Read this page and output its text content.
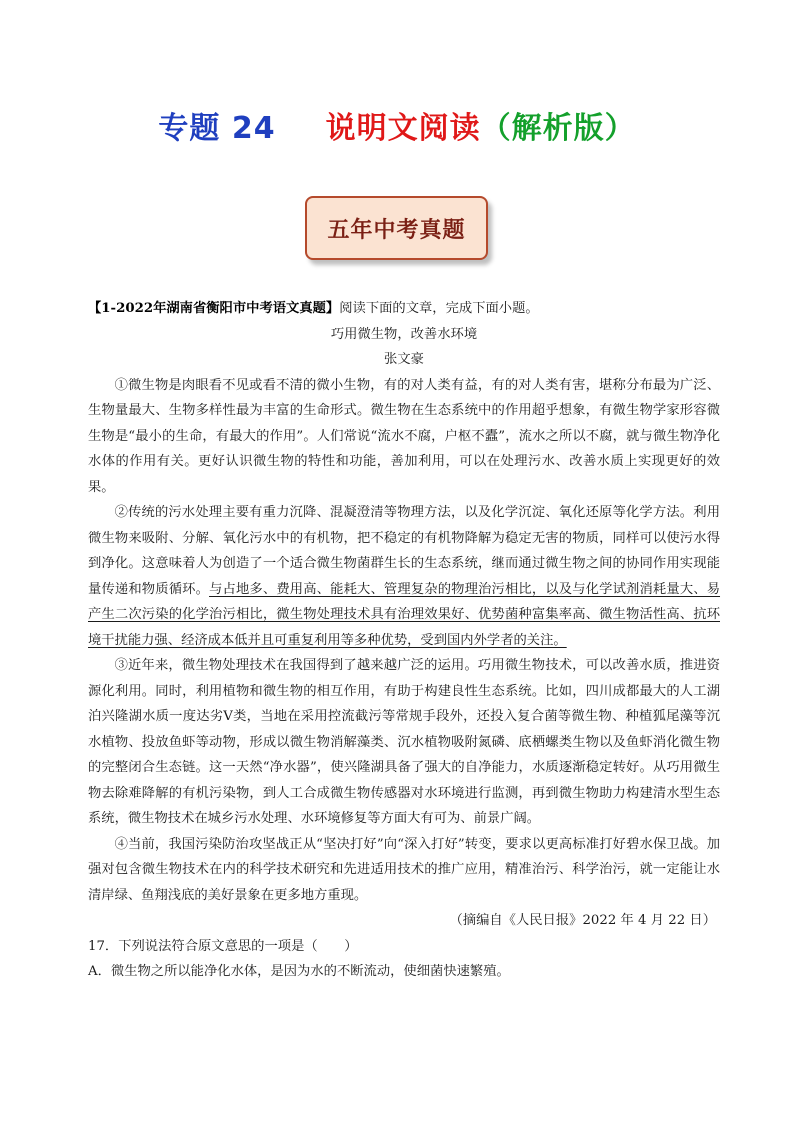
专题 24 说明文阅读（解析版）
五年中考真题

【1-2022年湖南省衡阳市中考语文真题】阅读下面的文章，完成下面小题。

巧用微生物，改善水环境

张文豪

①微生物是肉眼看不见或看不清的微小生物，有的对人类有益，有的对人类有害，堪称分布最为广泛、生物量最大、生物多样性最为丰富的生命形式。微生物在生态系统中的作用超乎想象，有微生物学家形容微生物是“最小的生命，有最大的作用”。人们常说“流水不腐，户枢不蠹”，流水之所以不腐，就与微生物净化水体的作用有关。更好认识微生物的特性和功能，善加利用，可以在处理污水、改善水质上实现更好的效果。

②传统的污水处理主要有重力沉降、混凝澄清等物理方法，以及化学沉淀、氧化还原等化学方法。利用微生物来吸附、分解、氧化污水中的有机物，把不稳定的有机物降解为稳定无害的物质，同样可以使污水得到净化。这意味着人为创造了一个适合微生物菌群生长的生态系统，继而通过微生物之间的协同作用实现能量传递和物质循环。与占地多、费用高、能耗大、管理复杂的物理治污相比，以及与化学试剂消耗量大、易产生二次污染的化学治污相比，微生物处理技术具有治理效果好、优势菌种富集率高、微生物活性高、抗环境干扰能力强、经济成本低并且可重复利用等多种优势，受到国内外学者的关注。

③近年来，微生物处理技术在我国得到了越来越广泛的运用。巧用微生物技术，可以改善水质，推进资源化利用。同时，利用植物和微生物的相互作用，有助于构建良性生态系统。比如，四川成都最大的人工湖泊兴隆湖水质一度达劣V类，当地在采用控流截污等常规手段外，还投入复合菌等微生物、种植狐尾藻等沉水植物、投放鱼虾等动物，形成以微生物消解藻类、沉水植物吸附氮磷、底栖螺类生物以及鱼虾消化微生物的完整闭合生态链。这一天然“净水器”，使兴隆湖具备了强大的自净能力，水质逐渐稳定转好。从巧用微生物去除难降解的有机污染物，到人工合成微生物传感器对水环境进行监测，再到微生物助力构建清水型生态系统，微生物技术在城乡污水处理、水环境修复等方面大有可为、前景广阔。

④当前，我国污染防治攻坚战正从“坚决打好”向“深入打好”转变，要求以更高标准打好碧水保卫战。加强对包含微生物技术在内的科学技术研究和先进适用技术的推广应用，精准治污、科学治污，就一定能让水清岸绿、鱼翔浅底的美好景象在更多地方重现。

（摘编自《人民日报》2022 年 4 月 22 日）

17．下列说法符合原文意思的一项是（　　）

A．微生物之所以能净化水体，是因为水的不断流动，使细菌快速繁殖。
